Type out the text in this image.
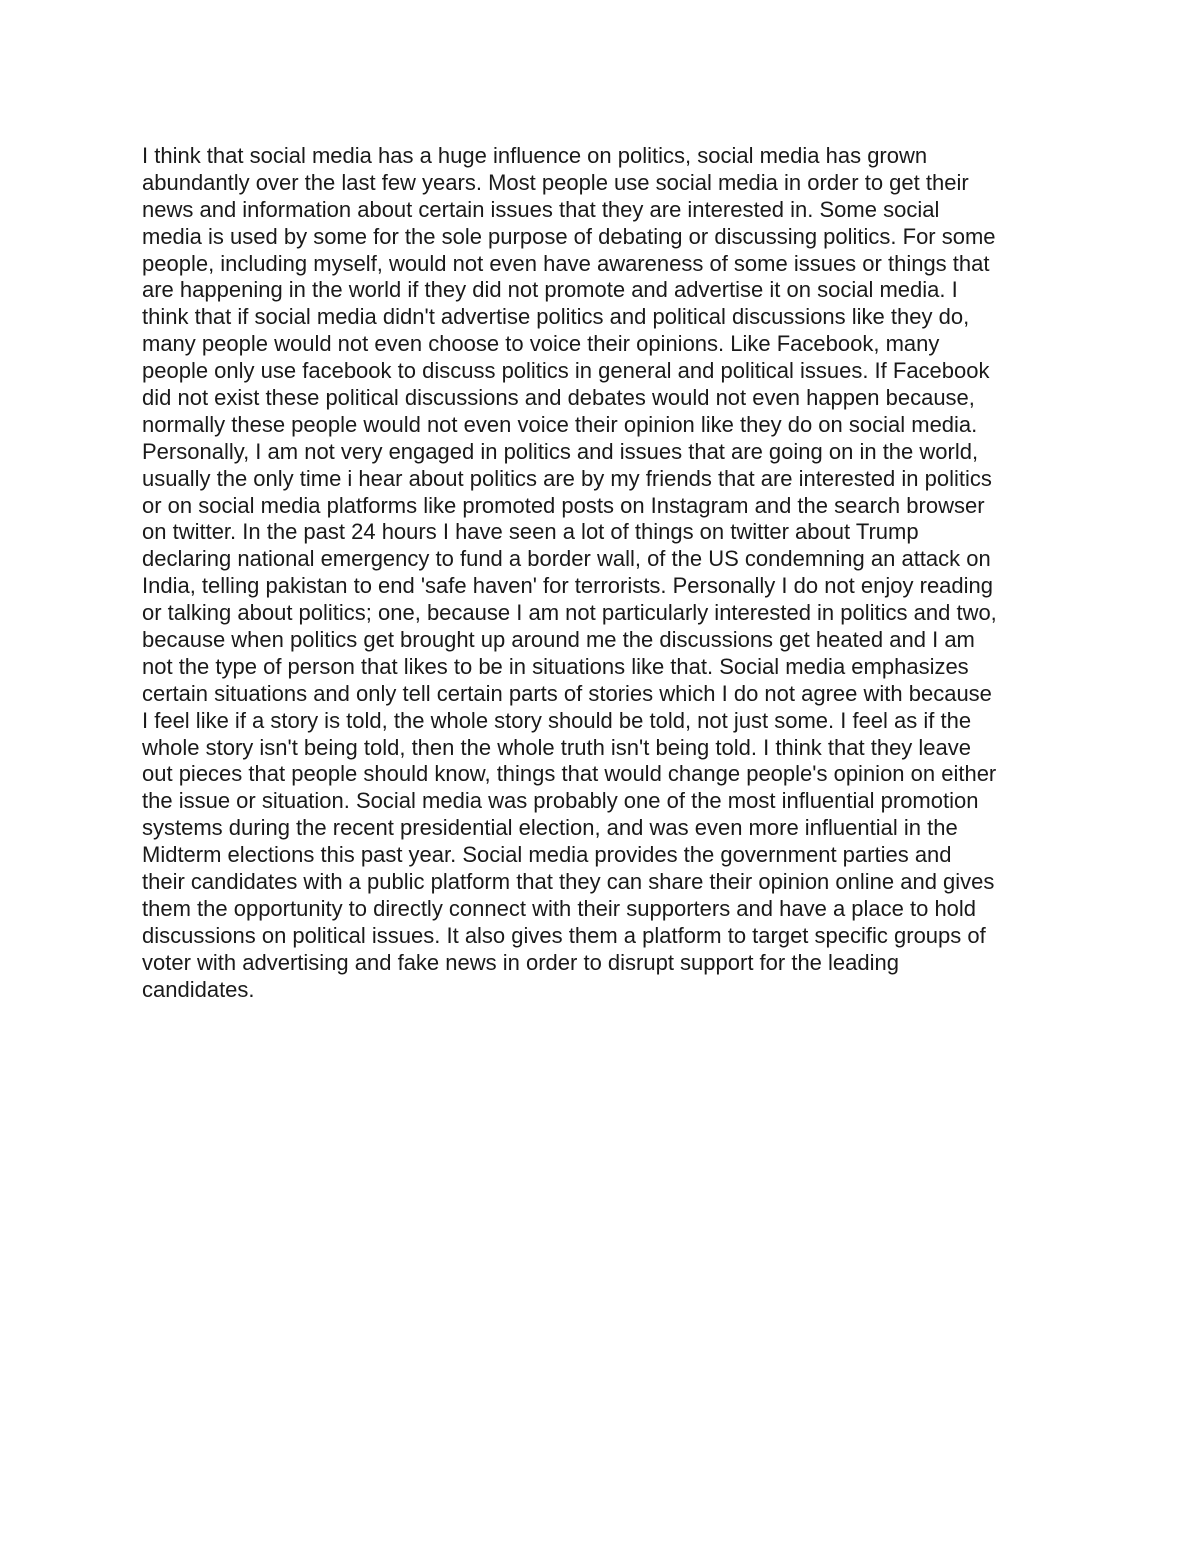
I think that social media has a huge influence on politics, social media has grown
abundantly over the last few years. Most people use social media in order to get their
news and information about certain issues that they are interested in. Some social
media is used by some for the sole purpose of debating or discussing politics. For some
people, including myself, would not even have awareness of some issues or things that
are happening in the world if they did not promote and advertise it on social media. I
think that if social media didn't advertise politics and political discussions like they do,
many people would not even choose to voice their opinions. Like Facebook, many
people only use facebook to discuss politics in general and political issues. If Facebook
did not exist these political discussions and debates would not even happen because,
normally these people would not even voice their opinion like they do on social media.
Personally, I am not very engaged in politics and issues that are going on in the world,
usually the only time i hear about politics are by my friends that are interested in politics
or on social media platforms like promoted posts on Instagram and the search browser
on twitter. In the past 24 hours I have seen a lot of things on twitter about Trump
declaring national emergency to fund a border wall, of the US condemning an attack on
India, telling pakistan to end 'safe haven' for terrorists. Personally I do not enjoy reading
or talking about politics; one, because I am not particularly interested in politics and two,
because when politics get brought up around me the discussions get heated and I am
not the type of person that likes to be in situations like that. Social media emphasizes
certain situations and only tell certain parts of stories which I do not agree with because
I feel like if a story is told, the whole story should be told, not just some. I feel as if the
whole story isn't being told, then the whole truth isn't being told. I think that they leave
out pieces that people should know, things that would change people's opinion on either
the issue or situation. Social media was probably one of the most influential promotion
systems during the recent presidential election, and was even more influential in the
Midterm elections this past year. Social media provides the government parties and
their candidates with a public platform that they can share their opinion online and gives
them the opportunity to directly connect with their supporters and have a place to hold
discussions on political issues. It also gives them a platform to target specific groups of
voter with advertising and fake news in order to disrupt support for the leading
candidates.
